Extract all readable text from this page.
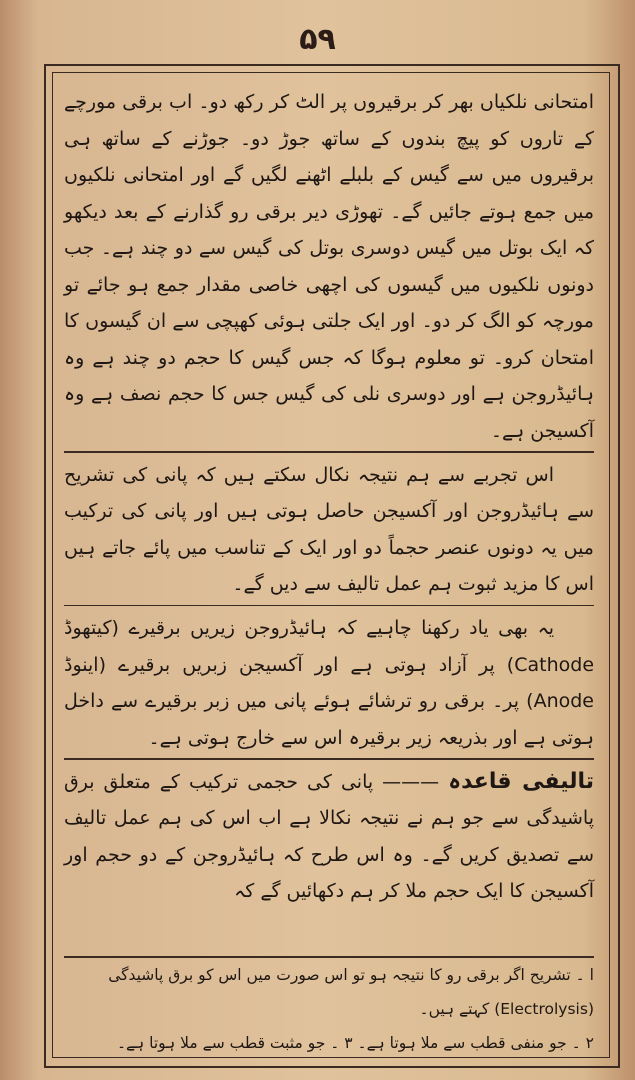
۵۹

امتحانی نلکیاں بھر کر برقیروں پر الٹ کر رکھ دو۔ اب برقی مورچے کے تاروں کو پیچ بندوں کے ساتھ جوڑ دو۔ جوڑنے کے ساتھ ہی برقیروں میں سے گیس کے بلبلے اٹھنے لگیں گے اور امتحانی نلکیوں میں جمع ہوتے جائیں گے۔ تھوڑی دیر برقی رو گذارنے کے بعد دیکھو کہ ایک بوتل میں گیس دوسری بوتل کی گیس سے دو چند ہے۔ جب دونوں نلکیوں میں گیسوں کی اچھی خاصی مقدار جمع ہو جائے تو مورچہ کو الگ کر دو۔ اور ایک جلتی ہوئی کھپچی سے ان گیسوں کا امتحان کرو۔ تو معلوم ہوگا کہ جس گیس کا حجم دو چند ہے وہ ہائیڈروجن ہے اور دوسری نلی کی گیس جس کا حجم نصف ہے وہ آکسیجن ہے۔

اس تجربے سے ہم نتیجہ نکال سکتے ہیں کہ پانی کی تشریح سے ہائیڈروجن اور آکسیجن حاصل ہوتی ہیں اور پانی کی ترکیب میں یہ دونوں عنصر حجماً دو اور ایک کے تناسب میں پائے جاتے ہیں اس کا مزید ثبوت ہم عمل تالیف سے دیں گے۔

یہ بھی یاد رکھنا چاہیے کہ ہائیڈروجن زیریں برقیرے (کیتھوڈ Cathode) پر آزاد ہوتی ہے اور آکسیجن زبریں برقیرے (اینوڈ Anode) پر۔ برقی رو ترشائے ہوئے پانی میں زبر برقیرے سے داخل ہوتی ہے اور بذریعہ زیر برقیرہ اس سے خارج ہوتی ہے۔

تالیفی قاعدہ ——— پانی کی حجمی ترکیب کے متعلق برق پاشیدگی سے جو ہم نے نتیجہ نکالا ہے اب اس کی ہم عمل تالیف سے تصدیق کریں گے۔ وہ اس طرح کہ ہائیڈروجن کے دو حجم اور آکسیجن کا ایک حجم ملا کر ہم دکھائیں گے کہ

ا ۔ تشریح اگر برقی رو کا نتیجہ ہو تو اس صورت میں اس کو برق پاشیدگی (Electrolysis) کہتے ہیں۔
۲ ۔ جو منفی قطب سے ملا ہوتا ہے۔ ۳ ۔ جو مثبت قطب سے ملا ہوتا ہے۔
